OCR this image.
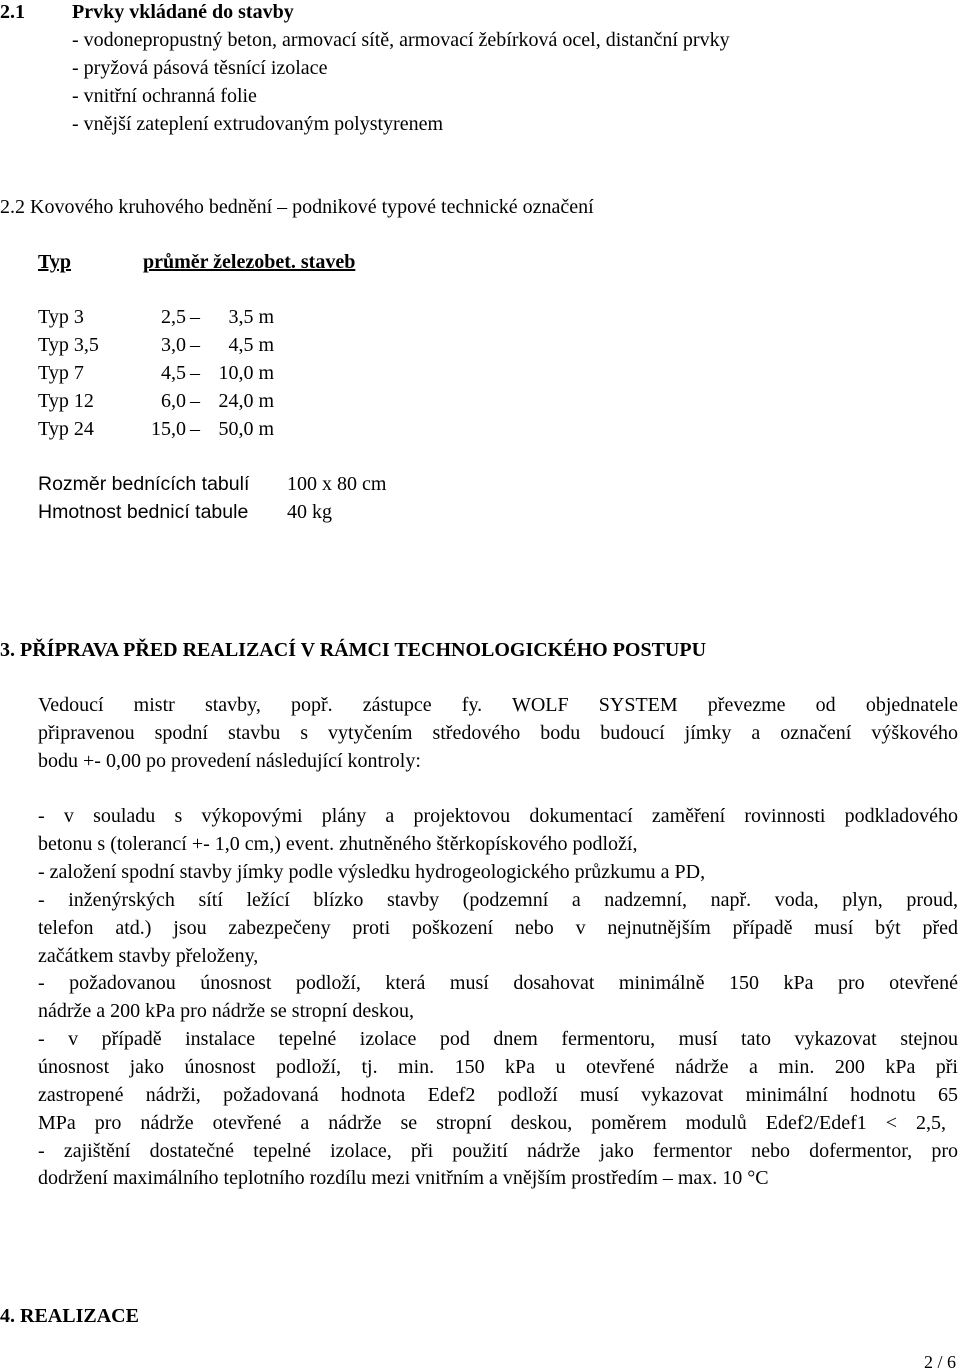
2.1 Prvky vkládané do stavby
- vodonepropustný beton, armovací sítě, armovací žebírková ocel, distanční prvky
- pryžová pásová těsnící izolace
- vnitřní ochranná folie
- vnější zateplení extrudovaným polystyrenem
2.2 Kovového kruhového bednění – podnikové typové technické označení
Typ	průměr železobet. staveb
Typ 3	2,5 – 3,5 m
Typ 3,5	3,0 – 4,5 m
Typ 7	4,5 – 10,0 m
Typ 12	6,0 – 24,0 m
Typ 24	15,0 – 50,0 m
Rozměr bednících tabulí 100 x 80 cm
Hmotnost bednicí tabule 40 kg
3. PŘÍPRAVA PŘED REALIZACÍ V RÁMCI TECHNOLOGICKÉHO POSTUPU
Vedoucí mistr stavby, popř. zástupce fy. WOLF SYSTEM převezme od objednatele
připravenou spodní stavbu s vytyčením středového bodu budoucí jímky a označení výškového
bodu +- 0,00 po provedení následující kontroly:
- v souladu s výkopovými plány a projektovou dokumentací zaměření rovinnosti podkladového
betonu s (tolerancí +- 1,0 cm,) event. zhutněného štěrkopískového podloží,
- založení spodní stavby jímky podle výsledku hydrogeologického průzkumu a PD,
- inženýrských sítí ležící blízko stavby (podzemní a nadzemní, např. voda, plyn, proud,
telefon atd.) jsou zabezpečeny proti poškození nebo v nejnutnějším případě musí být před
začátkem stavby přeloženy,
- požadovanou únosnost podloží, která musí dosahovat minimálně 150 kPa pro otevřené
nádrže a 200 kPa pro nádrže se stropní deskou,
- v případě instalace tepelné izolace pod dnem fermentoru, musí tato vykazovat stejnou
únosnost jako únosnost podloží, tj. min. 150 kPa u otevřené nádrže a min. 200 kPa při
zastropené nádrži, požadovaná hodnota Edef2 podloží musí vykazovat minimální hodnotu 65
MPa pro nádrže otevřené a nádrže se stropní deskou, poměrem modulů Edef2/Edef1 < 2,5,
- zajištění dostatečné tepelné izolace, při použití nádrže jako fermentor nebo dofermentor, pro
dodržení maximálního teplotního rozdílu mezi vnitřním a vnějším prostředím – max. 10 °C
4. REALIZACE
2 / 6
